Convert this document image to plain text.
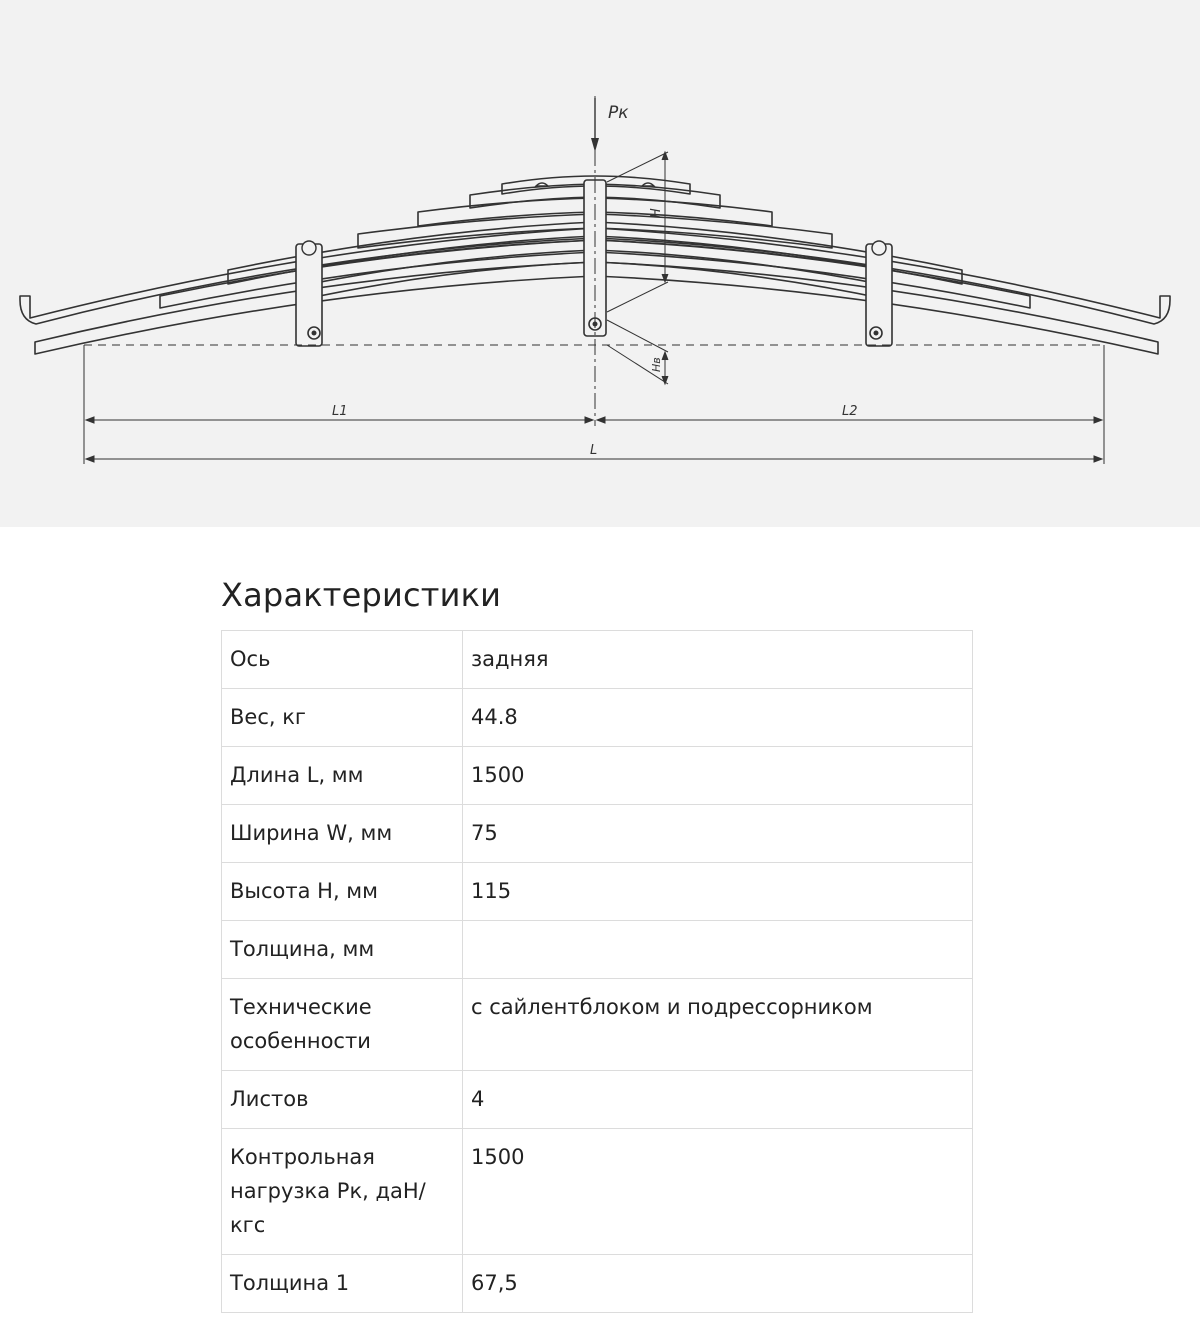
Pк
H
Hв
L1	L2
L
Характеристики
Ось	задняя
Вес, кг	44.8
Длина L, мм	1500
Ширина W, мм	75
Высота H, мм	115
Толщина, мм	
Технические особенности	с сайлентблоком и подрессорником
Листов	4
Контрольная нагрузка Рк, даН/кгс	1500
Толщина 1	67,5
